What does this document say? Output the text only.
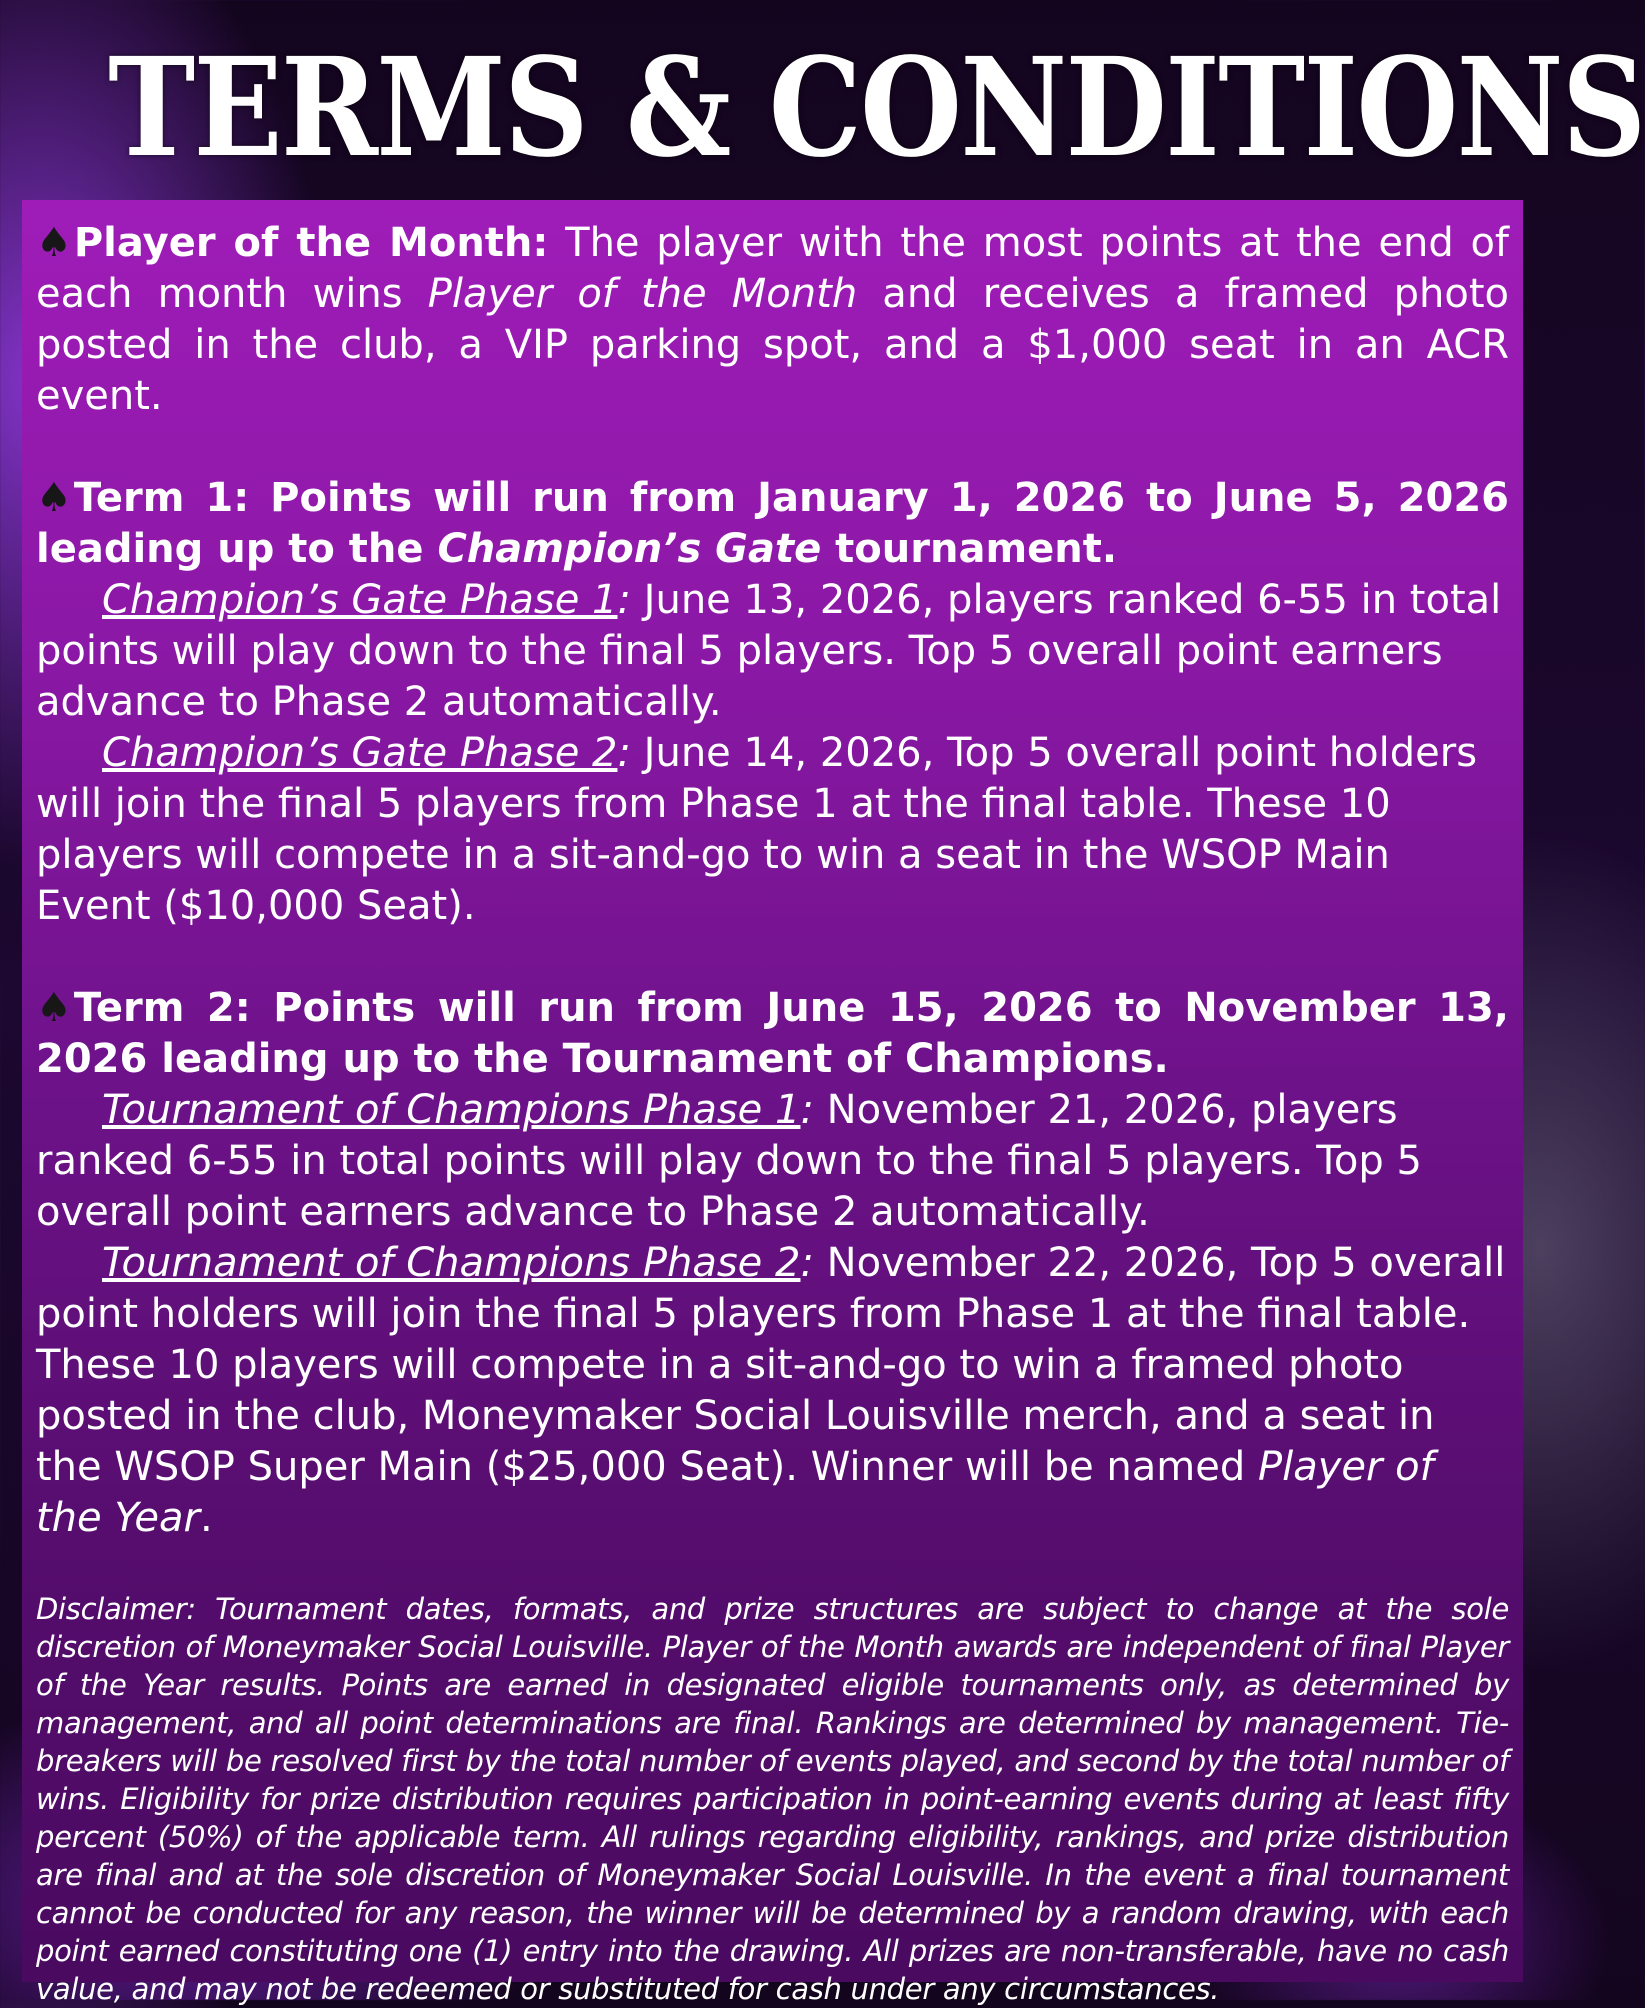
TERMS & CONDITIONS

♠Player of the Month: The player with the most points at the end of each month wins Player of the Month and receives a framed photo posted in the club, a VIP parking spot, and a $1,000 seat in an ACR event.

♠Term 1: Points will run from January 1, 2026 to June 5, 2026 leading up to the Champion’s Gate tournament.

Champion’s Gate Phase 1: June 13, 2026, players ranked 6-55 in total points will play down to the final 5 players. Top 5 overall point earners advance to Phase 2 automatically.

Champion’s Gate Phase 2: June 14, 2026, Top 5 overall point holders will join the final 5 players from Phase 1 at the final table. These 10 players will compete in a sit-and-go to win a seat in the WSOP Main Event ($10,000 Seat).

♠Term 2: Points will run from June 15, 2026 to November 13, 2026 leading up to the Tournament of Champions.

Tournament of Champions Phase 1: November 21, 2026, players ranked 6-55 in total points will play down to the final 5 players. Top 5 overall point earners advance to Phase 2 automatically.

Tournament of Champions Phase 2: November 22, 2026, Top 5 overall point holders will join the final 5 players from Phase 1 at the final table. These 10 players will compete in a sit-and-go to win a framed photo posted in the club, Moneymaker Social Louisville merch, and a seat in the WSOP Super Main ($25,000 Seat). Winner will be named Player of the Year.

Disclaimer: Tournament dates, formats, and prize structures are subject to change at the sole discretion of Moneymaker Social Louisville. Player of the Month awards are independent of final Player of the Year results. Points are earned in designated eligible tournaments only, as determined by management, and all point determinations are final. Rankings are determined by management. Tie-breakers will be resolved first by the total number of events played, and second by the total number of wins. Eligibility for prize distribution requires participation in point-earning events during at least fifty percent (50%) of the applicable term. All rulings regarding eligibility, rankings, and prize distribution are final and at the sole discretion of Moneymaker Social Louisville. In the event a final tournament cannot be conducted for any reason, the winner will be determined by a random drawing, with each point earned constituting one (1) entry into the drawing. All prizes are non-transferable, have no cash value, and may not be redeemed or substituted for cash under any circumstances.
